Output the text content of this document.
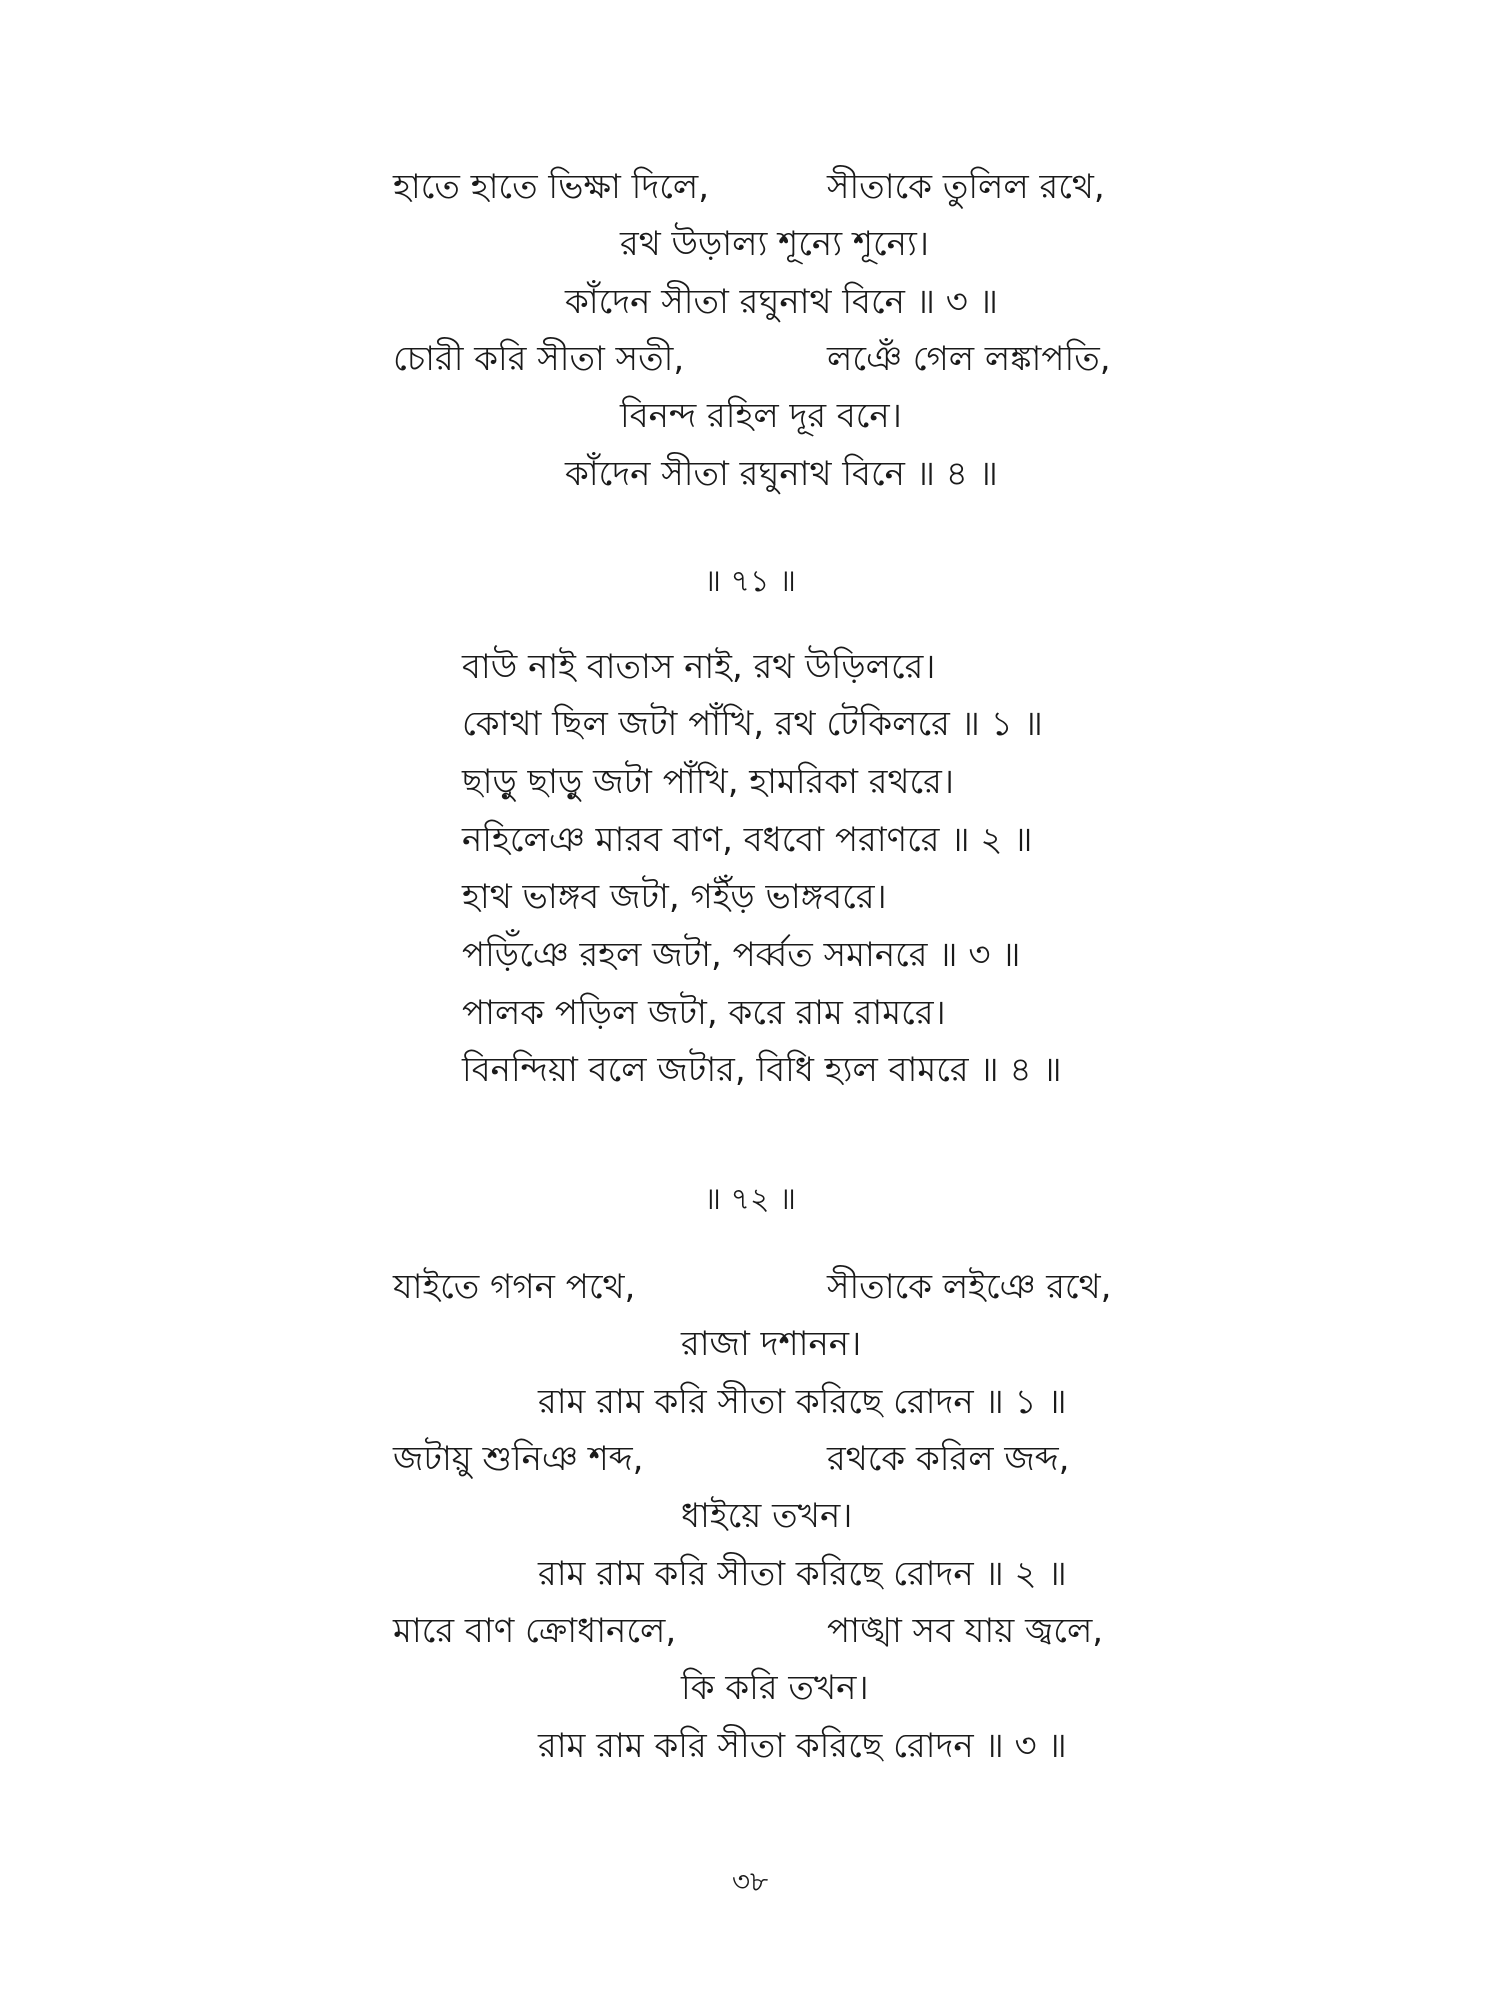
হাতে হাতে ভিক্ষা দিলে,	সীতাকে তুলিল রথে,
রথ উড়াল্য শূন্যে শূন্যে।
কাঁদেন সীতা রঘুনাথ বিনে ॥ ৩ ॥
চোরী করি সীতা সতী,	লঞেঁ গেল লঙ্কাপতি,
বিনন্দ রহিল দূর বনে।
কাঁদেন সীতা রঘুনাথ বিনে ॥ ৪ ॥
॥ ৭১ ॥
বাউ নাই বাতাস নাই, রথ উড়িলরে।
কোথা ছিল জটা পাঁখি, রথ টেকিলরে ॥ ১ ॥
ছাড়ু ছাড়ু জটা পাঁখি, হামরিকা রথরে।
নহিলেঞ মারব বাণ, বধবো পরাণরে ॥ ২ ॥
হাথ ভাঙ্গব জটা, গইঁড় ভাঙ্গবরে।
পড়িঁঞে রহল জটা, পর্ব্বত সমানরে ॥ ৩ ॥
পালক পড়িল জটা, করে রাম রামরে।
বিনন্দিয়া বলে জটার, বিধি হ্যল বামরে ॥ ৪ ॥
॥ ৭২ ॥
যাইতে গগন পথে,	সীতাকে লইঞে রথে,
রাজা দশানন।
রাম রাম করি সীতা করিছে রোদন ॥ ১ ॥
জটায়ু শুনিঞ শব্দ,	রথকে করিল জব্দ,
ধাইয়ে তখন।
রাম রাম করি সীতা করিছে রোদন ॥ ২ ॥
মারে বাণ ক্রোধানলে,	পাঙ্খা সব যায় জ্বলে,
কি করি তখন।
রাম রাম করি সীতা করিছে রোদন ॥ ৩ ॥
৩৮
